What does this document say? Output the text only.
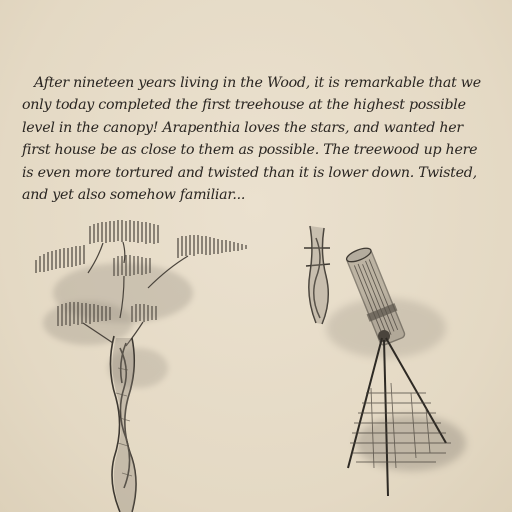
After nineteen years living in the Wood, it is remarkable that we only today completed the first treehouse at the highest possible level in the canopy! Arapenthia loves the stars, and wanted her first house be as close to them as possible. The treewood up here is even more tortured and twisted than it is lower down. Twisted, and yet also somehow familiar...
